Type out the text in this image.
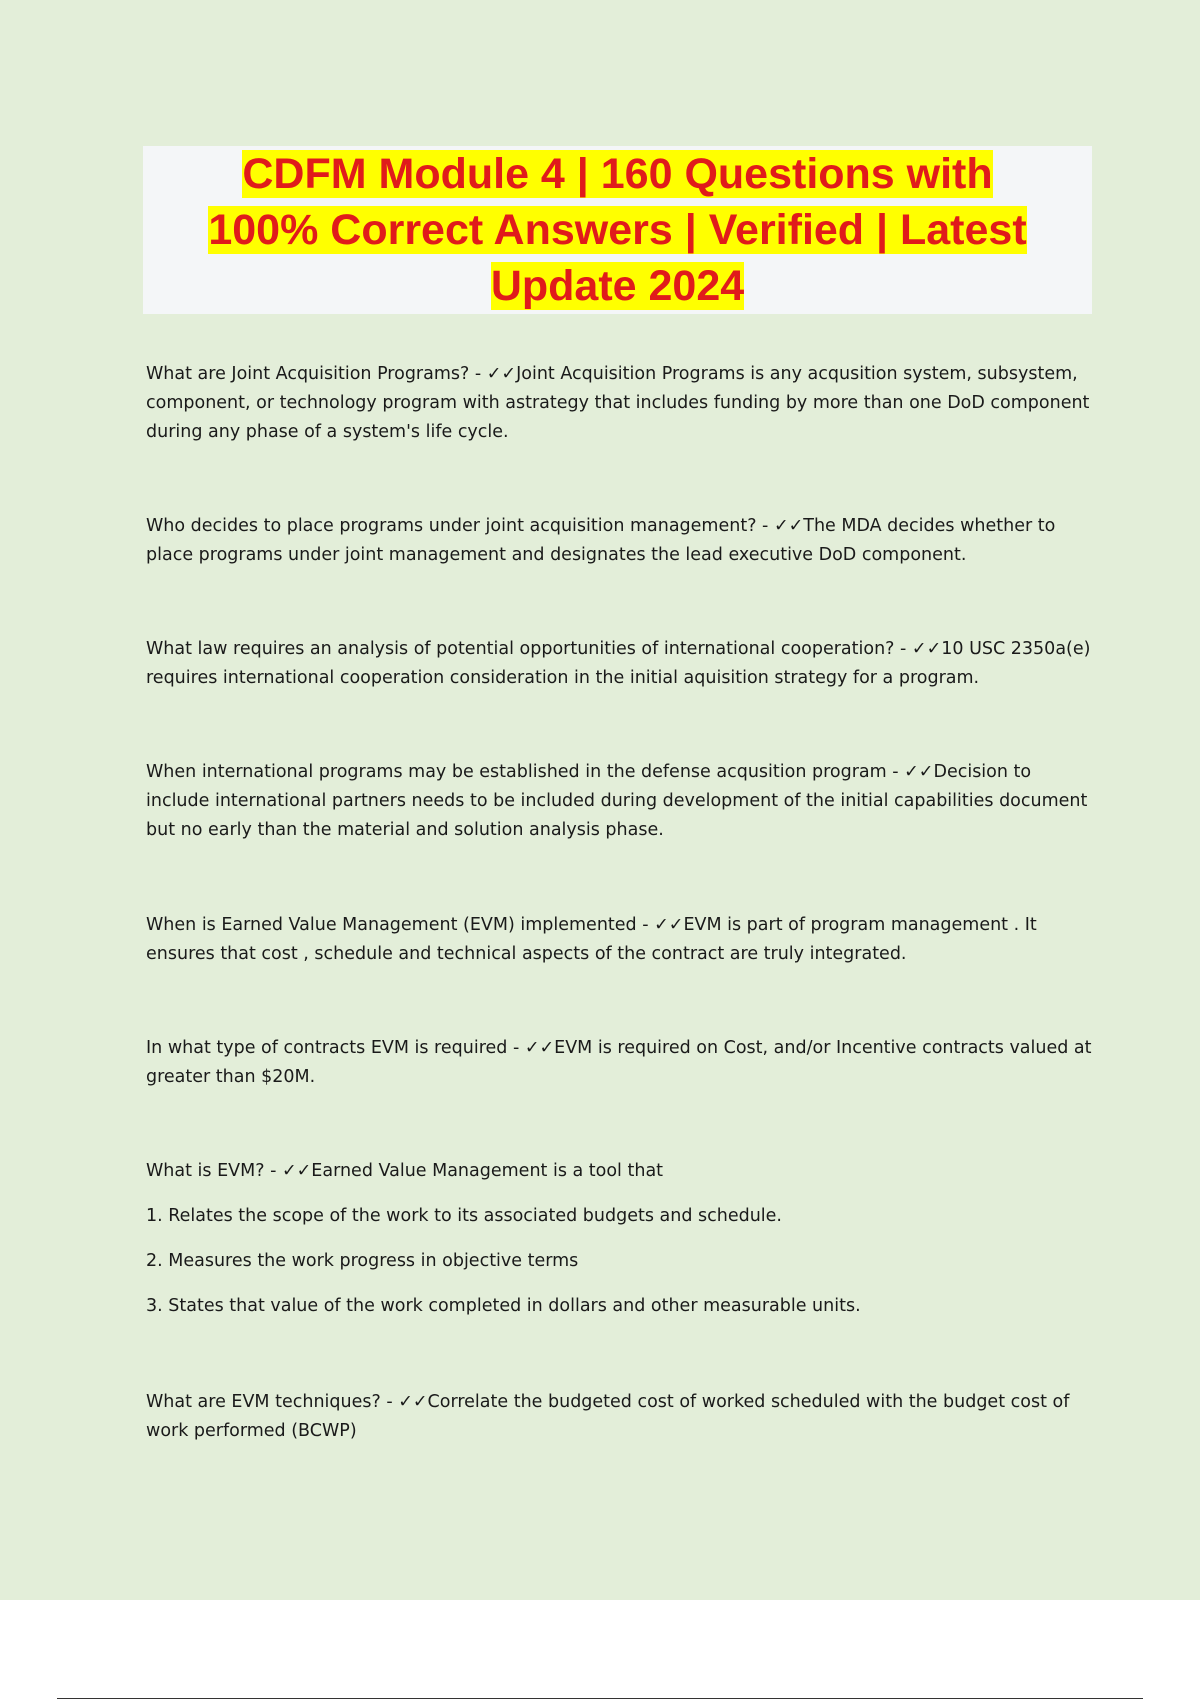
CDFM Module 4 | 160 Questions with
100% Correct Answers | Verified | Latest
Update 2024

What are Joint Acquisition Programs? - ✓✓Joint Acquisition Programs is any acqusition system, subsystem, component, or technology program with astrategy that includes funding by more than one DoD component during any phase of a system's life cycle.

Who decides to place programs under joint acquisition management? - ✓✓The MDA decides whether to place programs under joint management and designates the lead executive DoD component.

What law requires an analysis of potential opportunities of international cooperation? - ✓✓10 USC 2350a(e) requires international cooperation consideration in the initial aquisition strategy for a program.

When international programs may be established in the defense acqusition program - ✓✓Decision to include international partners needs to be included during development of the initial capabilities document but no early than the material and solution analysis phase.

When is Earned Value Management (EVM) implemented - ✓✓EVM is part of program management . It ensures that cost , schedule and technical aspects of the contract are truly integrated.

In what type of contracts EVM is required - ✓✓EVM is required on Cost, and/or Incentive contracts valued at greater than $20M.

What is EVM? - ✓✓Earned Value Management is a tool that

1. Relates the scope of the work to its associated budgets and schedule.

2. Measures the work progress in objective terms

3. States that value of the work completed in dollars and other measurable units.

What are EVM techniques? - ✓✓Correlate the budgeted cost of worked scheduled with the budget cost of work performed (BCWP)
